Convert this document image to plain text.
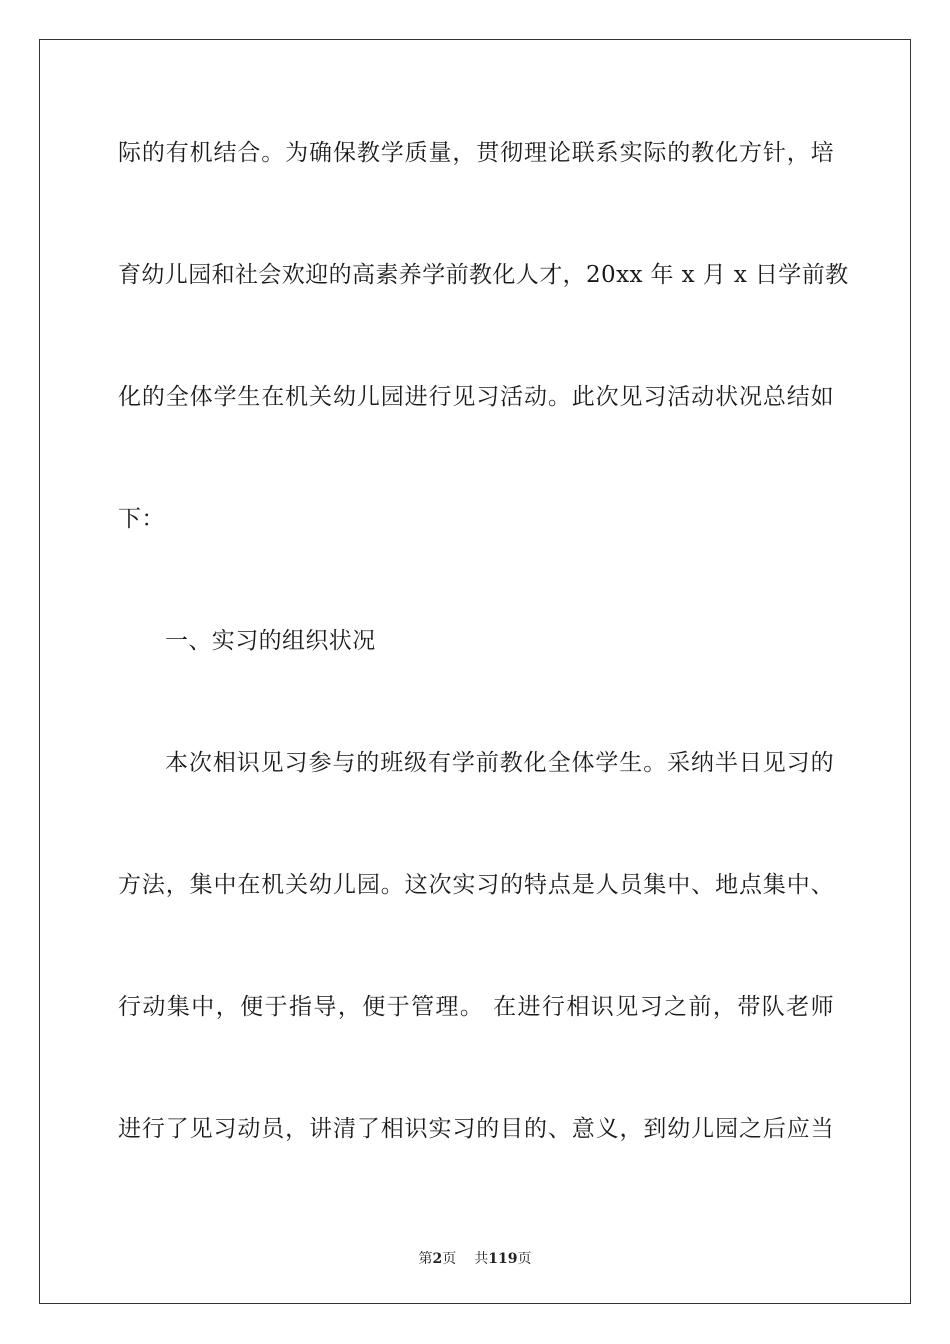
际的有机结合。为确保教学质量，贯彻理论联系实际的教化方针，培
育幼儿园和社会欢迎的高素养学前教化人才，20xx 年 x 月 x 日学前教
化的全体学生在机关幼儿园进行见习活动。此次见习活动状况总结如
下：
一、实习的组织状况
本次相识见习参与的班级有学前教化全体学生。采纳半日见习的
方法，集中在机关幼儿园。这次实习的特点是人员集中、地点集中、
行动集中，便于指导，便于管理。 在进行相识见习之前，带队老师
进行了见习动员，讲清了相识实习的目的、意义，到幼儿园之后应当
第2页 共119页
